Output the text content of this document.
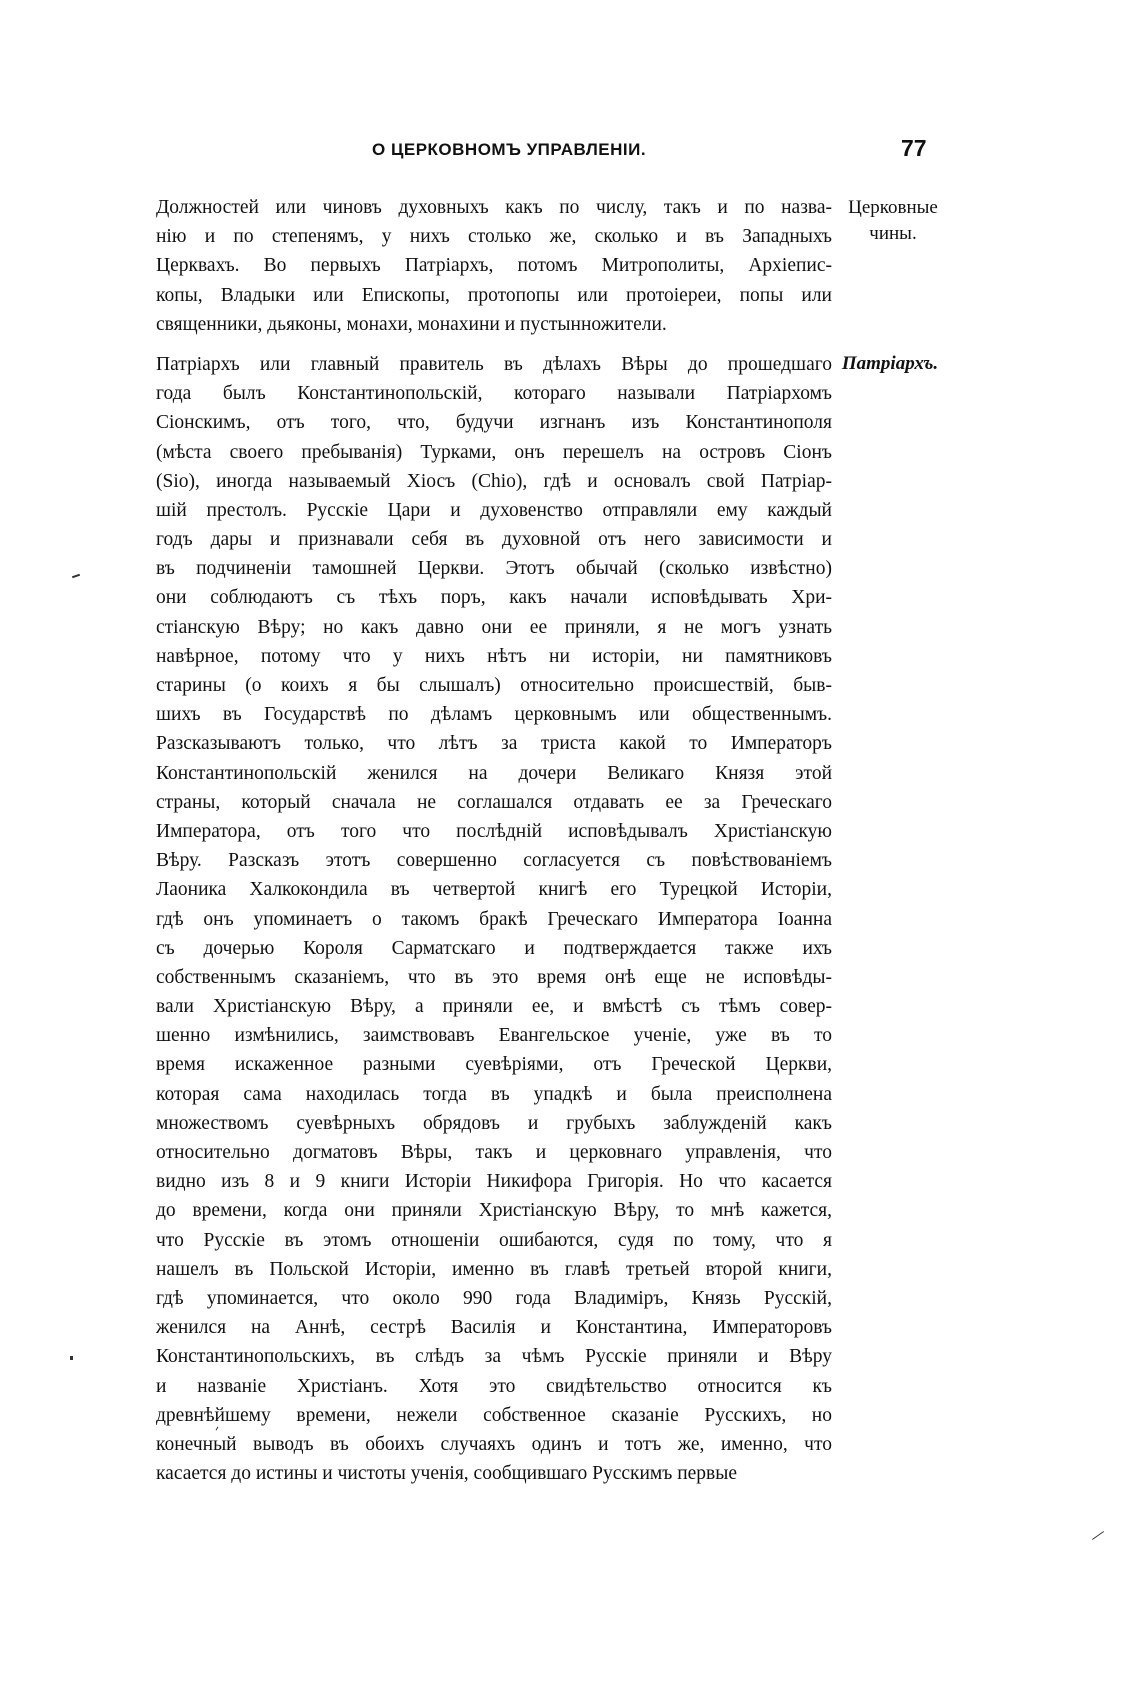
О ЦЕРКОВНОМЪ УПРАВЛЕНIИ.	77
Церковные чины.
Патрiархъ.
Должностей или чиновъ духовныхъ какъ по числу, такъ и по назва-
нiю и по степенямъ, у нихъ столько же, сколько и въ Западныхъ
Церквахъ. Во первыхъ Патрiархъ, потомъ Митрополиты, Архiепис-
копы, Владыки или Епископы, протопопы или протоiереи, попы или
священники, дьяконы, монахи, монахини и пустынножители.
Патрiархъ или главный правитель въ дѣлахъ Вѣры до прошедшаго
года былъ Константинопольскiй, котораго называли Патрiархомъ
Сiонскимъ, отъ того, что, будучи изгнанъ изъ Константинополя
(мѣста своего пребыванiя) Турками, онъ перешелъ на островъ Сiонъ
(Sio), иногда называемый Хiосъ (Chio), гдѣ и основалъ свой Патрiар-
шiй престолъ. Русскiе Цари и духовенство отправляли ему каждый
годъ дары и признавали себя въ духовной отъ него зависимости и
въ подчиненiи тамошней Церкви. Этотъ обычай (сколько извѣстно)
они соблюдаютъ съ тѣхъ поръ, какъ начали исповѣдывать Хри-
стiанскую Вѣру; но какъ давно они ее приняли, я не могъ узнать
навѣрное, потому что у нихъ нѣтъ ни исторiи, ни памятниковъ
старины (о коихъ я бы слышалъ) относительно происшествiй, быв-
шихъ въ Государствѣ по дѣламъ церковнымъ или общественнымъ.
Разсказываютъ только, что лѣтъ за триста какой то Императоръ
Константинопольскiй женился на дочери Великаго Князя этой
страны, который сначала не соглашался отдавать ее за Греческаго
Императора, отъ того что послѣднiй исповѣдывалъ Христiанскую
Вѣру. Разсказъ этотъ совершенно согласуется съ повѣствованiемъ
Лаоника Халкокондила въ четвертой книгѣ его Турецкой Исторiи,
гдѣ онъ упоминаетъ о такомъ бракѣ Греческаго Императора Iоанна
съ дочерью Короля Сарматскаго и подтверждается также ихъ
собственнымъ сказанiемъ, что въ это время онѣ еще не исповѣды-
вали Христiанскую Вѣру, а приняли ее, и вмѣстѣ съ тѣмъ совер-
шенно измѣнились, заимствовавъ Евангельское ученiе, уже въ то
время искаженное разными суевѣрiями, отъ Греческой Церкви,
которая сама находилась тогда въ упадкѣ и была преисполнена
множествомъ суевѣрныхъ обрядовъ и грубыхъ заблужденiй какъ
относительно догматовъ Вѣры, такъ и церковнаго управленiя, что
видно изъ 8 и 9 книги Исторiи Никифора Григорiя. Но что касается
до времени, когда они приняли Христiанскую Вѣру, то мнѣ кажется,
что Русскiе въ этомъ отношенiи ошибаются, судя по тому, что я
нашелъ въ Польской Исторiи, именно въ главѣ третьей второй книги,
гдѣ упоминается, что около 990 года Владимiръ, Князь Русскiй,
женился на Аннѣ, сестрѣ Василiя и Константина, Императоровъ
Константинопольскихъ, въ слѣдъ за чѣмъ Русскiе приняли и Вѣру
и названiе Христiанъ. Хотя это свидѣтельство относится къ
древнѣйшему времени, нежели собственное сказанiе Русскихъ, но
конечный выводъ въ обоихъ случаяхъ одинъ и тотъ же, именно, что
касается до истины и чистоты ученiя, сообщившаго Русскимъ первые
